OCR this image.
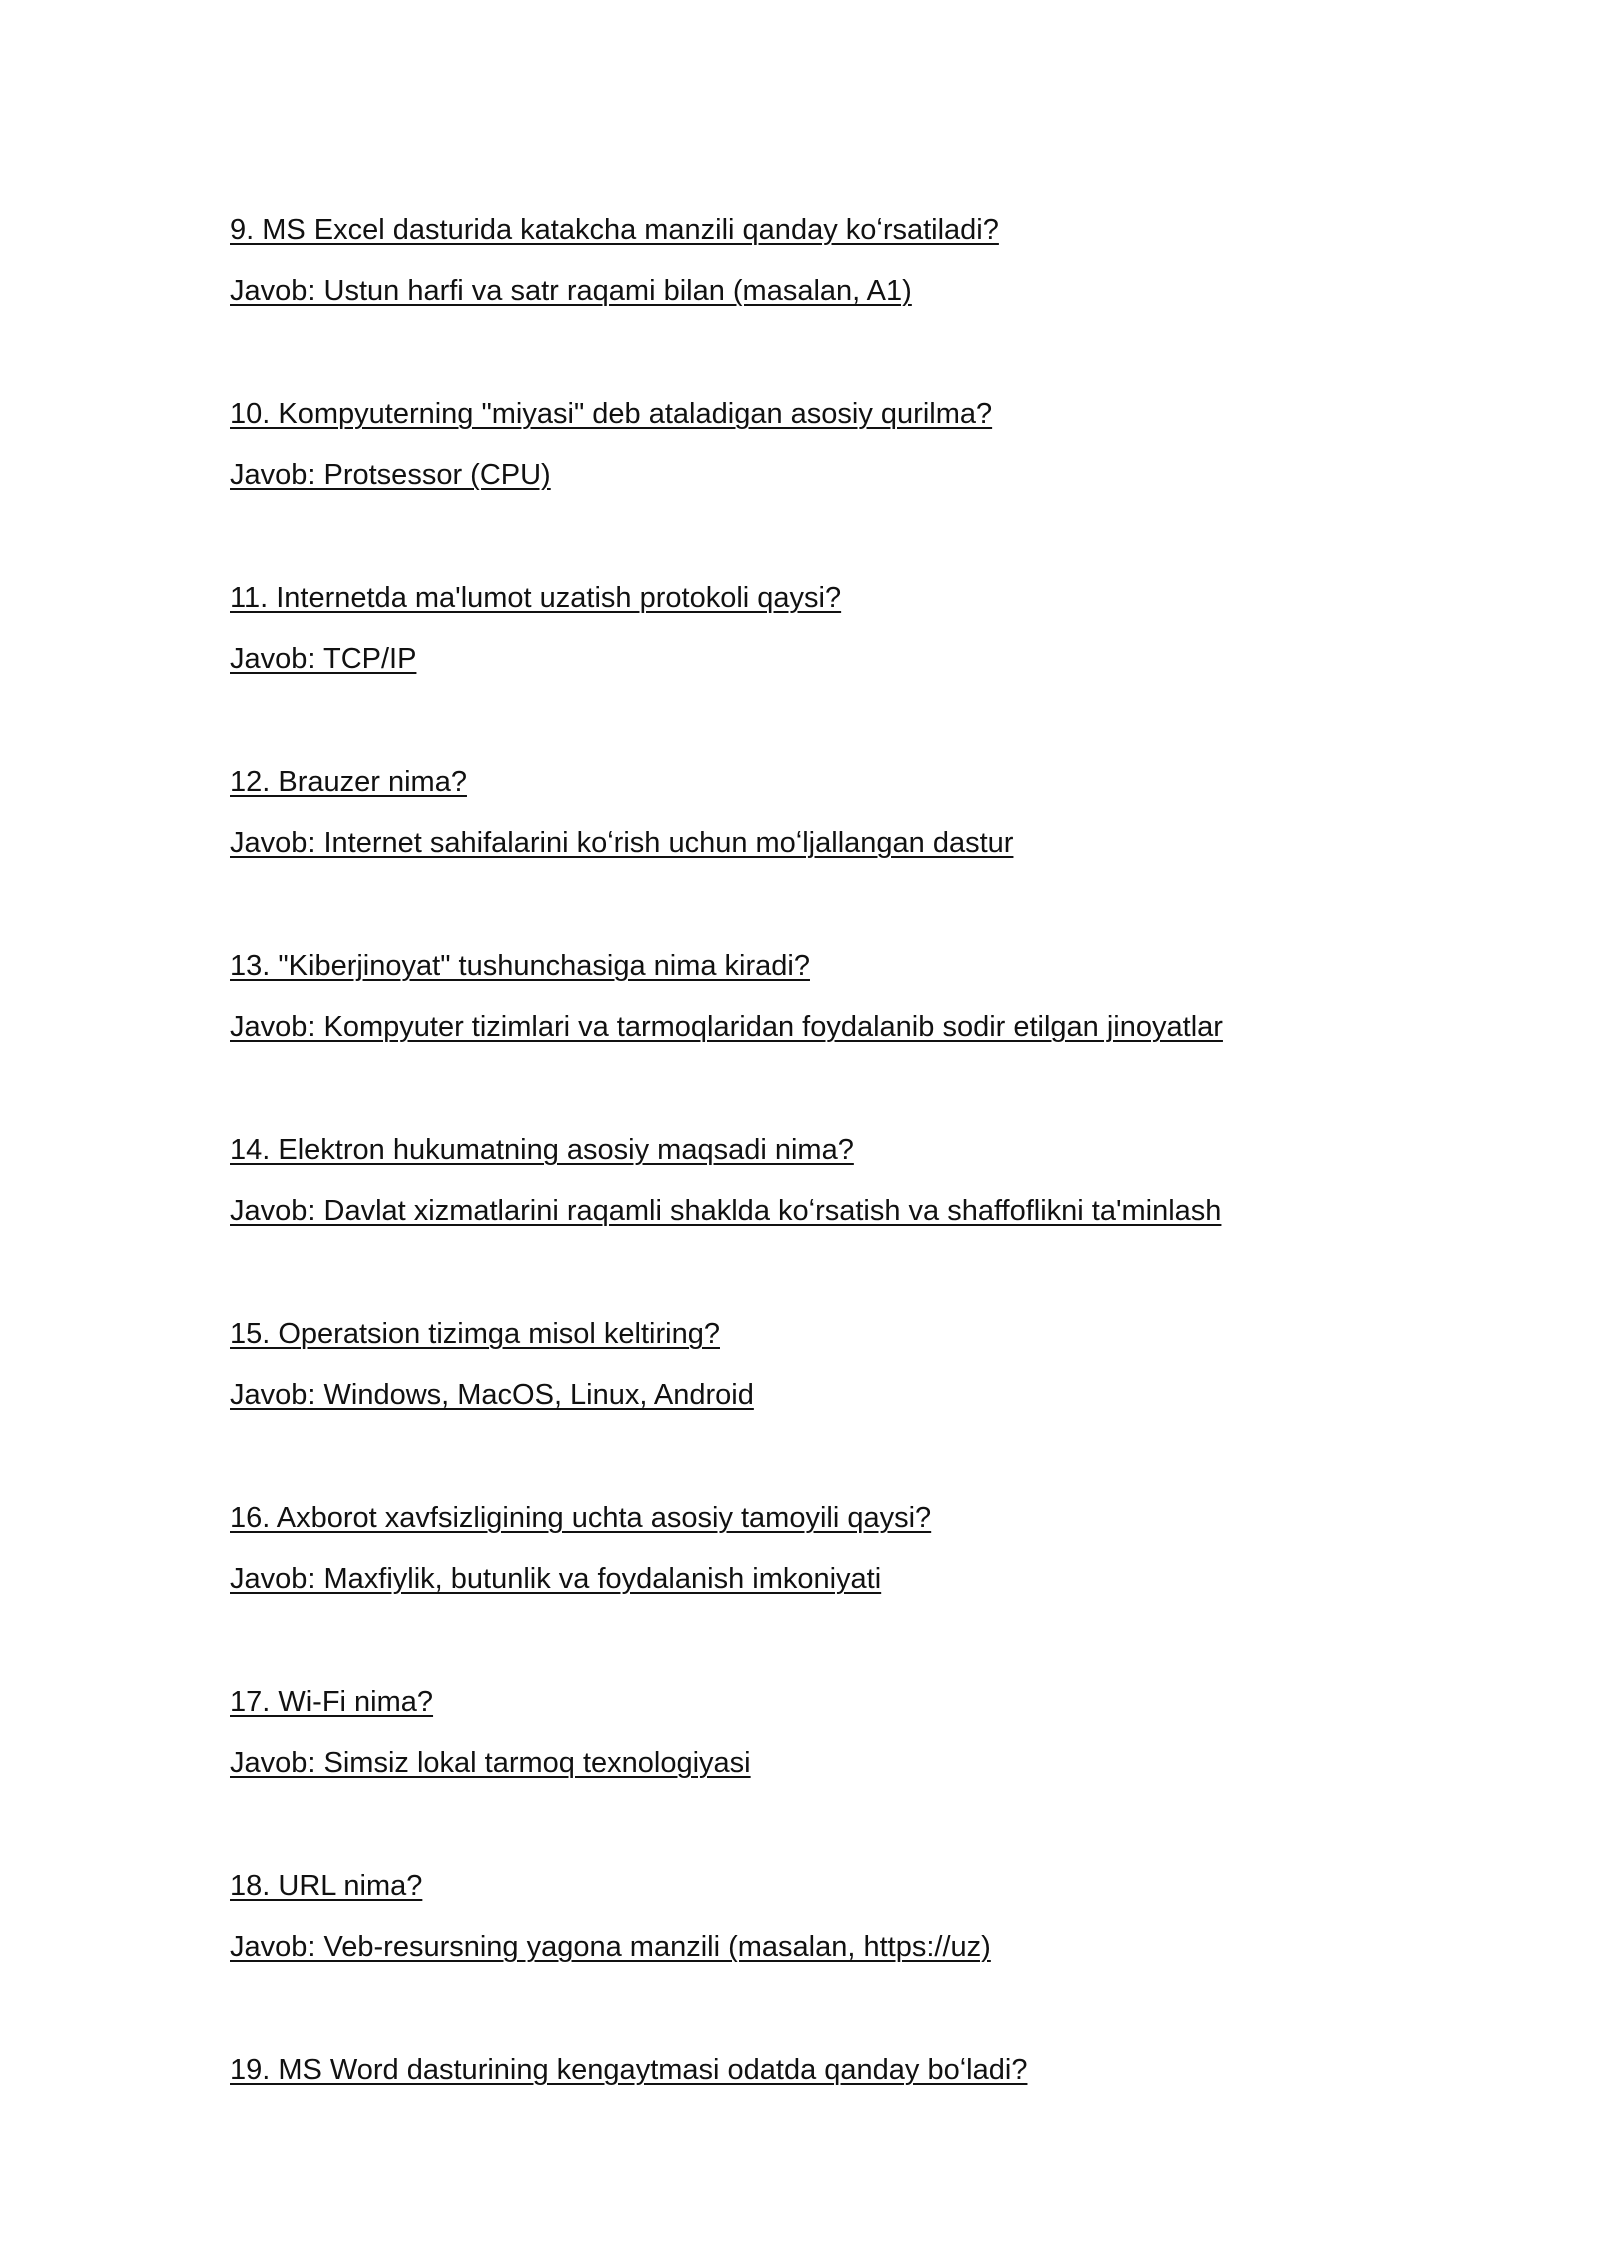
9. MS Excel dasturida katakcha manzili qanday koʻrsatiladi?
Javob: Ustun harfi va satr raqami bilan (masalan, A1)
10. Kompyuterning "miyasi" deb ataladigan asosiy qurilma?
Javob: Protsessor (CPU)
11. Internetda ma'lumot uzatish protokoli qaysi?
Javob: TCP/IP
12. Brauzer nima?
Javob: Internet sahifalarini koʻrish uchun moʻljallangan dastur
13. "Kiberjinoyat" tushunchasiga nima kiradi?
Javob: Kompyuter tizimlari va tarmoqlaridan foydalanib sodir etilgan jinoyatlar
14. Elektron hukumatning asosiy maqsadi nima?
Javob: Davlat xizmatlarini raqamli shaklda koʻrsatish va shaffoflikni ta'minlash
15. Operatsion tizimga misol keltiring?
Javob: Windows, MacOS, Linux, Android
16. Axborot xavfsizligining uchta asosiy tamoyili qaysi?
Javob: Maxfiylik, butunlik va foydalanish imkoniyati
17. Wi-Fi nima?
Javob: Simsiz lokal tarmoq texnologiyasi
18. URL nima?
Javob: Veb-resursning yagona manzili (masalan, https://uz)
19. MS Word dasturining kengaytmasi odatda qanday boʻladi?
